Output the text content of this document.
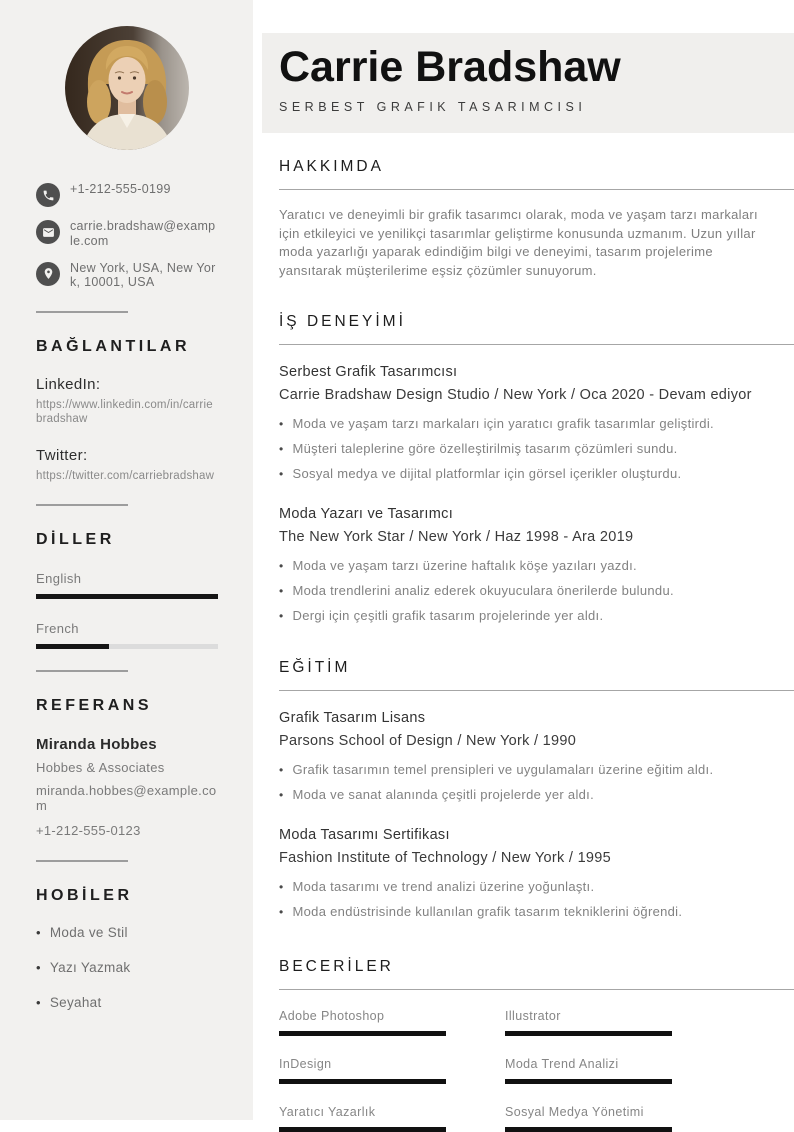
+1-212-555-0199
carrie.bradshaw@example.com
New York, USA, New York, 10001, USA
BAĞLANTILAR
LinkedIn:
https://www.linkedin.com/in/carriebradshaw
Twitter:
https://twitter.com/carriebradshaw
DİLLER
English
French
REFERANS
Miranda Hobbes
Hobbes & Associates
miranda.hobbes@example.com
+1-212-555-0123
HOBİLER
• Moda ve Stil
• Yazı Yazmak
• Seyahat
Carrie Bradshaw
SERBEST GRAFIK TASARIMCISI
HAKKIMDA

Yaratıcı ve deneyimli bir grafik tasarımcı olarak, moda ve yaşam tarzı markaları için etkileyici ve yenilikçi tasarımlar geliştirme konusunda uzmanım. Uzun yıllar moda yazarlığı yaparak edindiğim bilgi ve deneyimi, tasarım projelerime yansıtarak müşterilerime eşsiz çözümler sunuyorum.

İŞ DENEYİMİ
Serbest Grafik Tasarımcısı
Carrie Bradshaw Design Studio / New York / Oca 2020 - Devam ediyor
• Moda ve yaşam tarzı markaları için yaratıcı grafik tasarımlar geliştirdi.
• Müşteri taleplerine göre özelleştirilmiş tasarım çözümleri sundu.
• Sosyal medya ve dijital platformlar için görsel içerikler oluşturdu.
Moda Yazarı ve Tasarımcı
The New York Star / New York / Haz 1998 - Ara 2019
• Moda ve yaşam tarzı üzerine haftalık köşe yazıları yazdı.
• Moda trendlerini analiz ederek okuyuculara önerilerde bulundu.
• Dergi için çeşitli grafik tasarım projelerinde yer aldı.
EĞİTİM
Grafik Tasarım Lisans
Parsons School of Design / New York / 1990
• Grafik tasarımın temel prensipleri ve uygulamaları üzerine eğitim aldı.
• Moda ve sanat alanında çeşitli projelerde yer aldı.
Moda Tasarımı Sertifikası
Fashion Institute of Technology / New York / 1995
• Moda tasarımı ve trend analizi üzerine yoğunlaştı.
• Moda endüstrisinde kullanılan grafik tasarım tekniklerini öğrendi.
BECERİLER
Adobe Photoshop	Illustrator
InDesign	Moda Trend Analizi
Yaratıcı Yazarlık	Sosyal Medya Yönetimi
